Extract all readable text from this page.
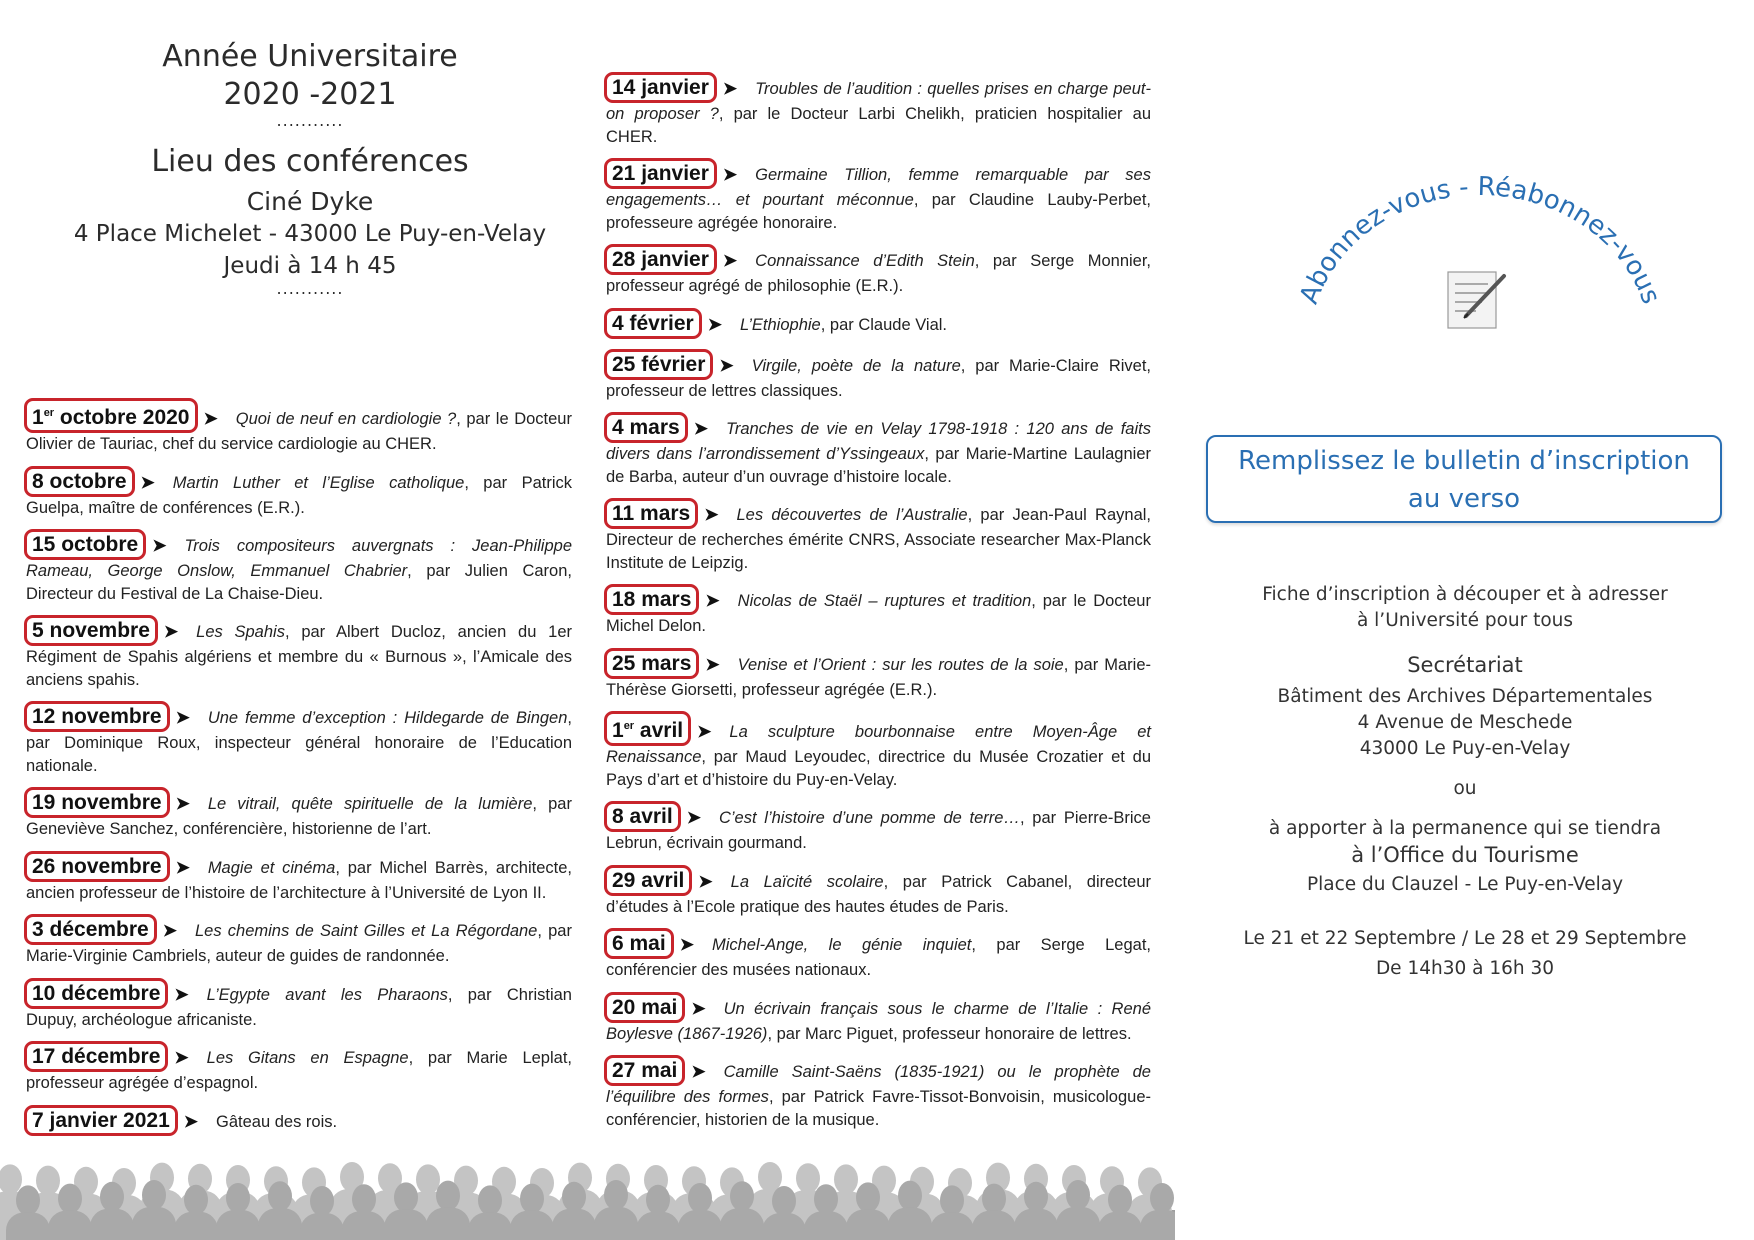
Année Universitaire
2020 -2021
...........
Lieu des conférences
Ciné Dyke
4 Place Michelet - 43000 Le Puy-en-Velay
Jeudi à 14 h 45
...........
1er octobre 2020 ➤ Quoi de neuf en cardiologie ?, par le Docteur Olivier de Tauriac, chef du service cardiologie au CHER.
8 octobre ➤ Martin Luther et l’Eglise catholique, par Patrick Guelpa, maître de conférences (E.R.).
15 octobre ➤ Trois compositeurs auvergnats : Jean-Philippe Rameau, George Onslow, Emmanuel Chabrier, par Julien Caron, Directeur du Festival de La Chaise-Dieu.
5 novembre ➤ Les Spahis, par Albert Ducloz, ancien du 1er Régiment de Spahis algériens et membre du « Burnous », l’Amicale des anciens spahis.
12 novembre ➤ Une femme d’exception : Hildegarde de Bingen, par Dominique Roux, inspecteur général honoraire de l’Education nationale.
19 novembre ➤ Le vitrail, quête spirituelle de la lumière, par Geneviève Sanchez, conférencière, historienne de l’art.
26 novembre ➤ Magie et cinéma, par Michel Barrès, architecte, ancien professeur de l’histoire de l’architecture à l’Université de Lyon II.
3 décembre ➤ Les chemins de Saint Gilles et La Régordane, par Marie-Virginie Cambriels, auteur de guides de randonnée.
10 décembre ➤ L’Egypte avant les Pharaons, par Christian Dupuy, archéologue africaniste.
17 décembre ➤ Les Gitans en Espagne, par Marie Leplat, professeur agrégée d’espagnol.
7 janvier 2021 ➤ Gâteau des rois.
14 janvier ➤ Troubles de l’audition : quelles prises en charge peut-on proposer ?, par le Docteur Larbi Chelikh, praticien hospitalier au CHER.
21 janvier ➤ Germaine Tillion, femme remarquable par ses engagements… et pourtant méconnue, par Claudine Lauby-Perbet, professeure agrégée honoraire.
28 janvier ➤ Connaissance d’Edith Stein, par Serge Monnier, professeur agrégé de philosophie (E.R.).
4 février ➤ L’Ethiophie, par Claude Vial.
25 février ➤ Virgile, poète de la nature, par Marie-Claire Rivet, professeur de lettres classiques.
4 mars ➤ Tranches de vie en Velay 1798-1918 : 120 ans de faits divers dans l’arrondissement d’Yssingeaux, par Marie-Martine Laulagnier de Barba, auteur d’un ouvrage d’histoire locale.
11 mars ➤ Les découvertes de l’Australie, par Jean-Paul Raynal, Directeur de recherches émérite CNRS, Associate researcher Max-Planck Institute de Leipzig.
18 mars ➤ Nicolas de Staël – ruptures et tradition, par le Docteur Michel Delon.
25 mars ➤ Venise et l’Orient : sur les routes de la soie, par Marie-Thérèse Giorsetti, professeur agrégée (E.R.).
1er avril ➤ La sculpture bourbonnaise entre Moyen-Âge et Renaissance, par Maud Leyoudec, directrice du Musée Crozatier et du Pays d’art et d’histoire du Puy-en-Velay.
8 avril ➤ C’est l’histoire d’une pomme de terre…, par Pierre-Brice Lebrun, écrivain gourmand.
29 avril ➤ La Laïcité scolaire, par Patrick Cabanel, directeur d’études à l’Ecole pratique des hautes études de Paris.
6 mai ➤ Michel-Ange, le génie inquiet, par Serge Legat, conférencier des musées nationaux.
20 mai ➤ Un écrivain français sous le charme de l’Italie : René Boylesve (1867-1926), par Marc Piguet, professeur honoraire de lettres.
27 mai ➤ Camille Saint-Saëns (1835-1921) ou le prophète de l’équilibre des formes, par Patrick Favre-Tissot-Bonvoisin, musicologue-conférencier, historien de la musique.
Abonnez-vous - Réabonnez-vous
Remplissez le bulletin d’inscription
au verso
Fiche d’inscription à découper et à adresser
à l’Université pour tous
Secrétariat
Bâtiment des Archives Départementales
4 Avenue de Meschede
43000 Le Puy-en-Velay
ou
à apporter à la permanence qui se tiendra
à l’Office du Tourisme
Place du Clauzel - Le Puy-en-Velay
Le 21 et 22 Septembre / Le 28 et 29 Septembre
De 14h30 à 16h 30
